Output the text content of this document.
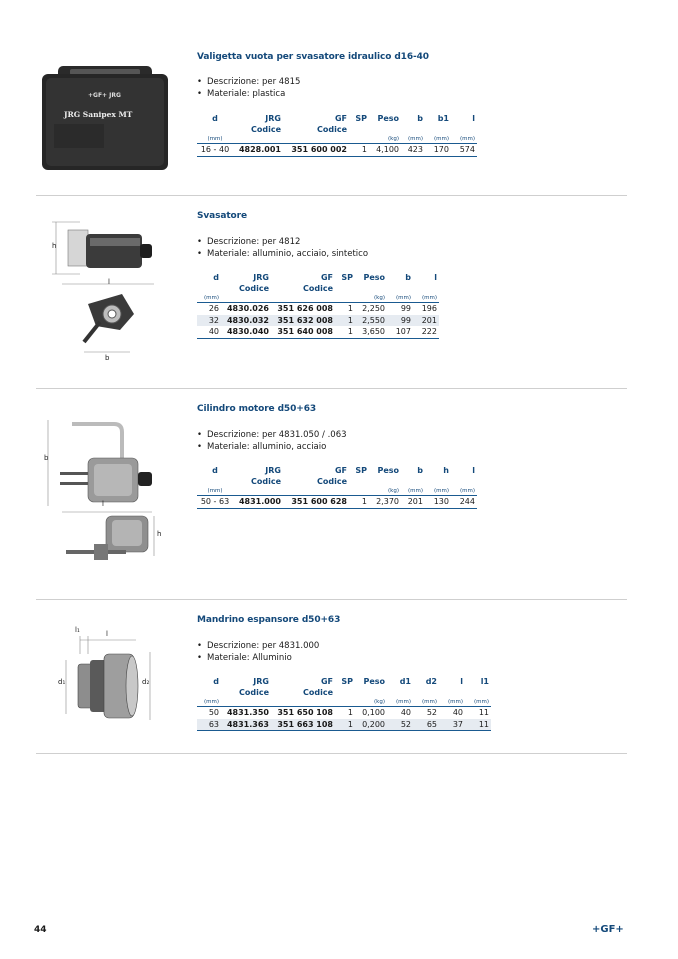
Valigetta vuota per svasatore idraulico d16-40
• Descrizione: per 4815
• Materiale: plastica
+GF+ JRG
JRG Sanipex MT	d	JRG	GF	SP	Peso	b	b1	l
	Codice	Codice					
(mm)				(kg)	(mm)	(mm)	(mm)
16 - 40	4828.001	351 600 002	1	4,100	423	170	574
Svasatore
• Descrizione: per 4812
• Materiale: alluminio, acciaio, sintetico
h
l
b
d	JRG	GF	SP	Peso	b	l
	Codice	Codice				
(mm)				(kg)	(mm)	(mm)
26	4830.026	351 626 008	1	2,250	99	196
32	4830.032	351 632 008	1	2,550	99	201
40	4830.040	351 640 008	1	3,650	107	222
Cilindro motore d50+63
• Descrizione: per 4831.050 / .063
• Materiale: alluminio, acciaio
b
l
h
d	JRG	GF	SP	Peso	b	h	l
	Codice	Codice					
(mm)				(kg)	(mm)	(mm)	(mm)
50 - 63	4831.000	351 600 628	1	2,370	201	130	244
Mandrino espansore d50+63
• Descrizione: per 4831.000
• Materiale: Alluminio
l₁	l
d₁	d₂	d	JRG	GF	SP	Peso	d1	d2	l	l1
	Codice	Codice						
(mm)				(kg)	(mm)	(mm)	(mm)	(mm)
50	4831.350	351 650 108	1	0,100	40	52	40	11
63	4831.363	351 663 108	1	0,200	52	65	37	11
44	+GF+
